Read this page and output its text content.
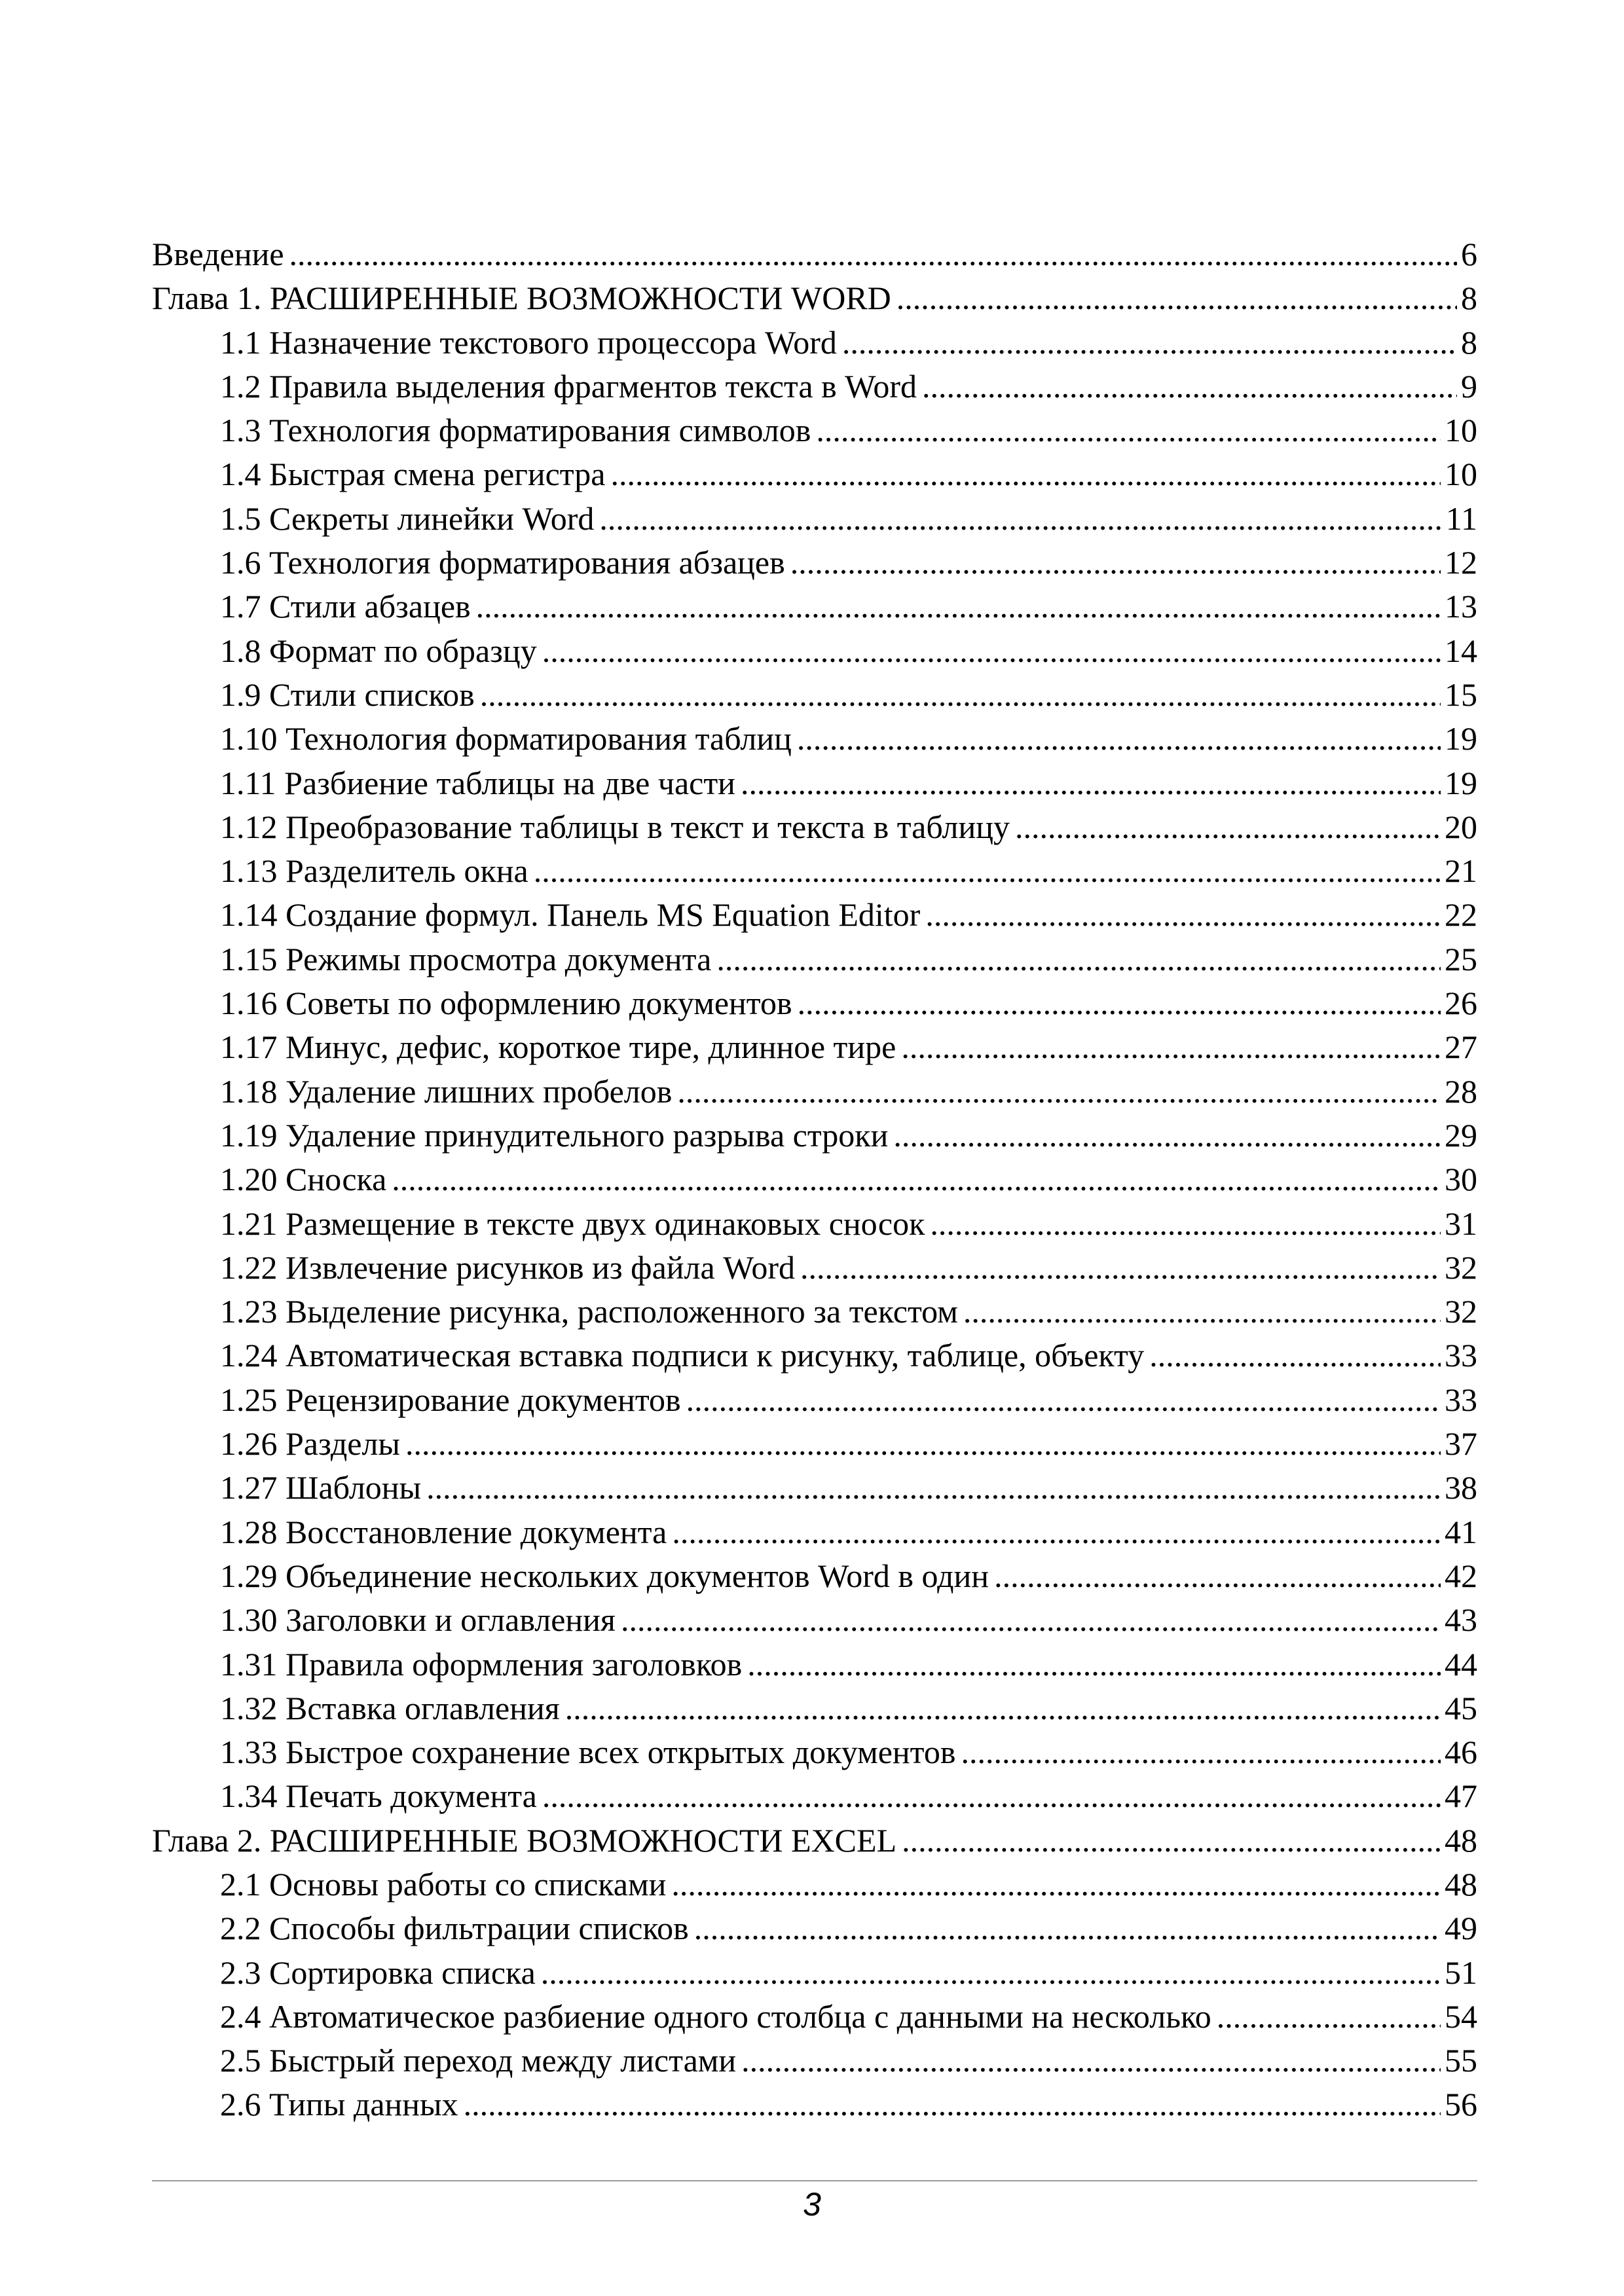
Введение .....	6
Глава 1. РАСШИРЕННЫЕ ВОЗМОЖНОСТИ WORD .....	8
1.1 Назначение текстового процессора Word .....	8
1.2 Правила выделения фрагментов текста в Word .....	9
1.3 Технология форматирования символов .....	10
1.4 Быстрая смена регистра .....	10
1.5 Секреты линейки Word .....	11
1.6 Технология форматирования абзацев .....	12
1.7 Стили абзацев .....	13
1.8 Формат по образцу .....	14
1.9 Стили списков .....	15
1.10 Технология форматирования таблиц .....	19
1.11 Разбиение таблицы на две части .....	19
1.12 Преобразование таблицы в текст и текста в таблицу .....	20
1.13 Разделитель окна .....	21
1.14 Создание формул. Панель MS Equation Editor .....	22
1.15 Режимы просмотра документа .....	25
1.16 Советы по оформлению документов .....	26
1.17 Минус, дефис, короткое тире, длинное тире .....	27
1.18 Удаление лишних пробелов .....	28
1.19 Удаление принудительного разрыва строки .....	29
1.20 Сноска .....	30
1.21 Размещение в тексте двух одинаковых сносок .....	31
1.22 Извлечение рисунков из файла Word .....	32
1.23 Выделение рисунка, расположенного за текстом .....	32
1.24 Автоматическая вставка подписи к рисунку, таблице, объекту .....	33
1.25 Рецензирование документов .....	33
1.26 Разделы .....	37
1.27 Шаблоны .....	38
1.28 Восстановление документа .....	41
1.29 Объединение нескольких документов Word в один .....	42
1.30 Заголовки и оглавления .....	43
1.31 Правила оформления заголовков .....	44
1.32 Вставка оглавления .....	45
1.33 Быстрое сохранение всех открытых документов .....	46
1.34 Печать документа .....	47
Глава 2. РАСШИРЕННЫЕ ВОЗМОЖНОСТИ EXCEL .....	48
2.1 Основы работы со списками .....	48
2.2 Способы фильтрации списков .....	49
2.3 Сортировка списка .....	51
2.4 Автоматическое разбиение одного столбца с данными на несколько .....	54
2.5 Быстрый переход между листами .....	55
2.6 Типы данных .....	56
3
